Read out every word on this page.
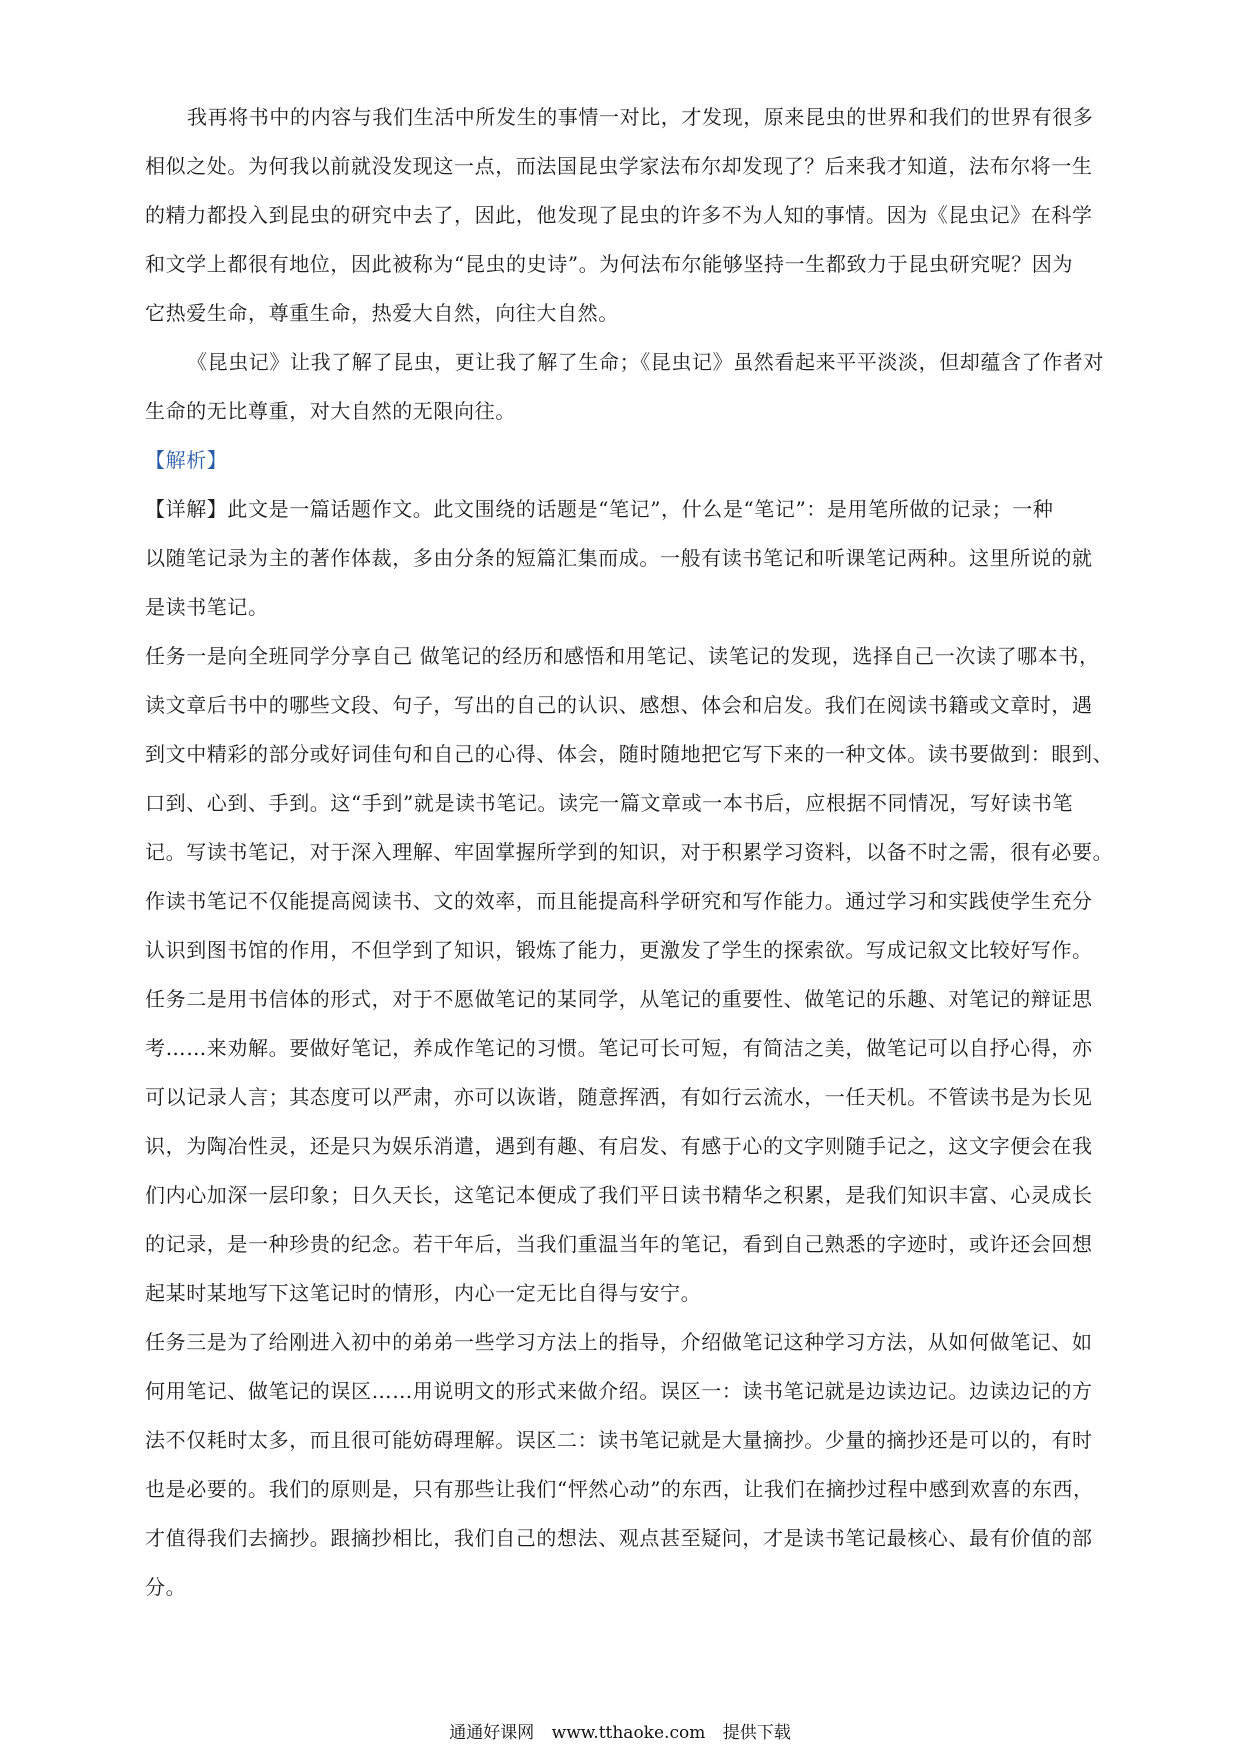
我再将书中的内容与我们生活中所发生的事情一对比，才发现，原来昆虫的世界和我们的世界有很多
相似之处。为何我以前就没发现这一点，而法国昆虫学家法布尔却发现了？后来我才知道，法布尔将一生
的精力都投入到昆虫的研究中去了，因此，他发现了昆虫的许多不为人知的事情。因为《昆虫记》在科学
和文学上都很有地位，因此被称为“昆虫的史诗”。为何法布尔能够坚持一生都致力于昆虫研究呢？因为
它热爱生命，尊重生命，热爱大自然，向往大自然。
《昆虫记》让我了解了昆虫，更让我了解了生命；《昆虫记》虽然看起来平平淡淡，但却蕴含了作者对
生命的无比尊重，对大自然的无限向往。
【解析】
【详解】此文是一篇话题作文。此文围绕的话题是“笔记”，什么是“笔记”：是用笔所做的记录；一种
以随笔记录为主的著作体裁，多由分条的短篇汇集而成。一般有读书笔记和听课笔记两种。这里所说的就
是读书笔记。
任务一是向全班同学分享自己 做笔记的经历和感悟和用笔记、读笔记的发现，选择自己一次读了哪本书，
读文章后书中的哪些文段、句子，写出的自己的认识、感想、体会和启发。我们在阅读书籍或文章时，遇
到文中精彩的部分或好词佳句和自己的心得、体会，随时随地把它写下来的一种文体。读书要做到：眼到、
口到、心到、手到。这“手到”就是读书笔记。读完一篇文章或一本书后，应根据不同情况，写好读书笔
记。写读书笔记，对于深入理解、牢固掌握所学到的知识，对于积累学习资料，以备不时之需，很有必要。
作读书笔记不仅能提高阅读书、文的效率，而且能提高科学研究和写作能力。通过学习和实践使学生充分
认识到图书馆的作用，不但学到了知识，锻炼了能力，更激发了学生的探索欲。写成记叙文比较好写作。
任务二是用书信体的形式，对于不愿做笔记的某同学，从笔记的重要性、做笔记的乐趣、对笔记的辩证思
考……来劝解。要做好笔记，养成作笔记的习惯。笔记可长可短，有简洁之美，做笔记可以自抒心得，亦
可以记录人言；其态度可以严肃，亦可以诙谐，随意挥洒，有如行云流水，一任天机。不管读书是为长见
识，为陶冶性灵，还是只为娱乐消遣，遇到有趣、有启发、有感于心的文字则随手记之，这文字便会在我
们内心加深一层印象；日久天长，这笔记本便成了我们平日读书精华之积累，是我们知识丰富、心灵成长
的记录，是一种珍贵的纪念。若干年后，当我们重温当年的笔记，看到自己熟悉的字迹时，或许还会回想
起某时某地写下这笔记时的情形，内心一定无比自得与安宁。
任务三是为了给刚进入初中的弟弟一些学习方法上的指导，介绍做笔记这种学习方法，从如何做笔记、如
何用笔记、做笔记的误区……用说明文的形式来做介绍。误区一：读书笔记就是边读边记。边读边记的方
法不仅耗时太多，而且很可能妨碍理解。误区二：读书笔记就是大量摘抄。少量的摘抄还是可以的，有时
也是必要的。我们的原则是，只有那些让我们“怦然心动”的东西，让我们在摘抄过程中感到欢喜的东西，
才值得我们去摘抄。跟摘抄相比，我们自己的想法、观点甚至疑问，才是读书笔记最核心、最有价值的部
分。
通通好课网 www.tthaoke.com 提供下载
